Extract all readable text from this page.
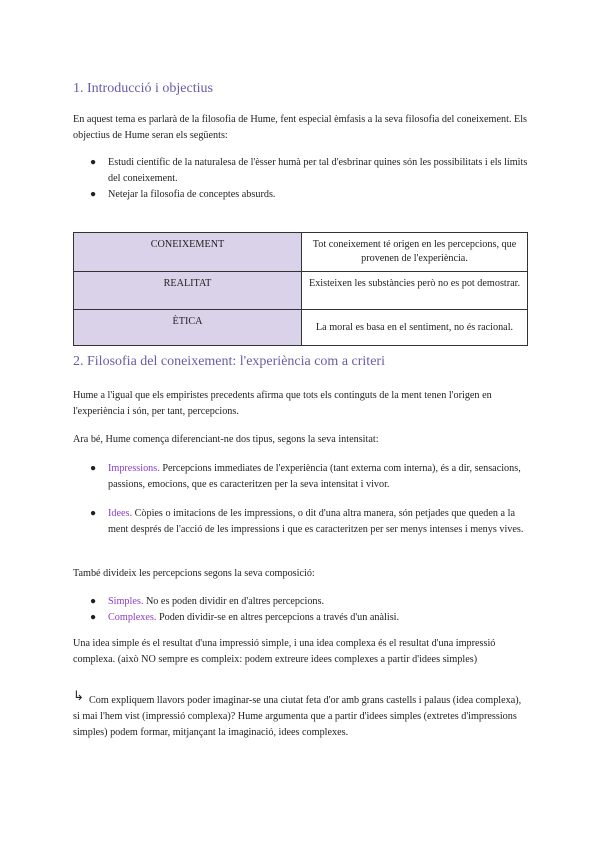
1. Introducció i objectius

En aquest tema es parlarà de la filosofia de Hume, fent especial èmfasis a la seva filosofia del coneixement. Els objectius de Hume seran els següents:

● Estudi científic de la naturalesa de l'èsser humà per tal d'esbrinar quines són les possibilitats i els límits del coneixement.
● Netejar la filosofia de conceptes absurds.
CONEIXEMENT	Tot coneixement té origen en les percepcions, que provenen de l'experiència.
REALITAT	Existeixen les substàncies però no es pot demostrar.
ÈTICA	La moral es basa en el sentiment, no és racional.
2. Filosofia del coneixement: l'experiència com a criteri

Hume a l'igual que els empiristes precedents afirma que tots els continguts de la ment tenen l'origen en l'experiència i són, per tant, percepcions.

Ara bé, Hume comença diferenciant-ne dos tipus, segons la seva intensitat:

● Impressions. Percepcions immediates de l'experiència (tant externa com interna), és a dir, sensacions, passions, emocions, que es caracteritzen per la seva intensitat i vivor.
● Idees. Còpies o imitacions de les impressions, o dit d'una altra manera, són petjades que queden a la ment després de l'acció de les impressions i que es caracteritzen per ser menys intenses i menys vives.

També divideix les percepcions segons la seva composició:

● Simples. No es poden dividir en d'altres percepcions.
● Complexes. Poden dividir-se en altres percepcions a través d'un anàlisi.

Una idea simple és el resultat d'una impressió simple, i una idea complexa és el resultat d'una impressió complexa. (això NO sempre es compleix: podem extreure idees complexes a partir d'idees simples)

↳ Com expliquem llavors poder imaginar-se una ciutat feta d'or amb grans castells i palaus (idea complexa), si mai l'hem vist (impressió complexa)? Hume argumenta que a partir d'idees simples (extretes d'impressions simples) podem formar, mitjançant la imaginació, idees complexes.
